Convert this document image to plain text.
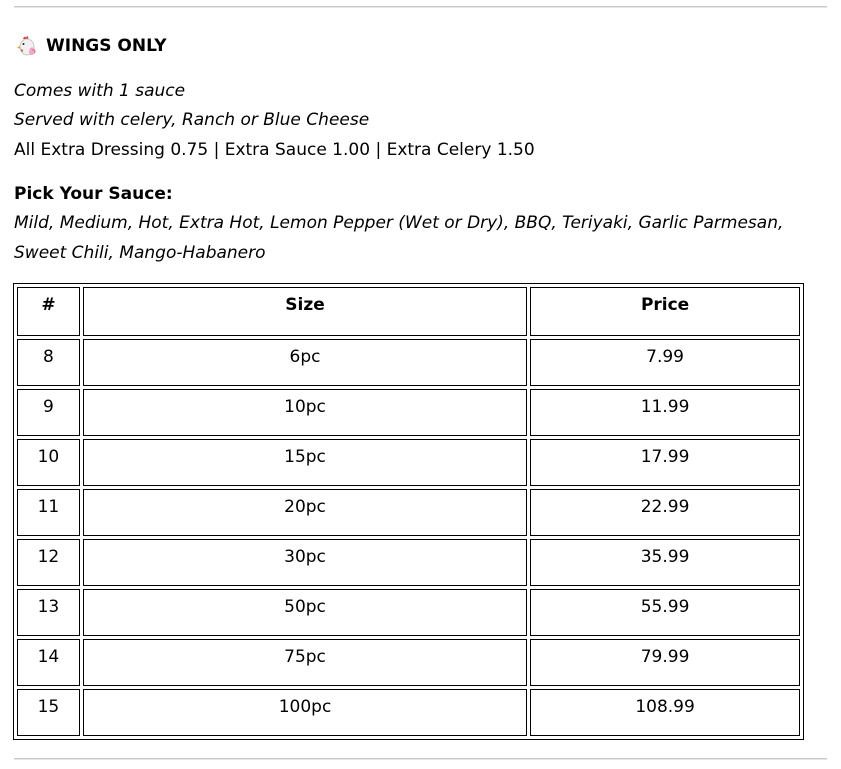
WINGS ONLY
Comes with 1 sauce
Served with celery, Ranch or Blue Cheese
All Extra Dressing 0.75 | Extra Sauce 1.00 | Extra Celery 1.50
Pick Your Sauce:
Mild, Medium, Hot, Extra Hot, Lemon Pepper (Wet or Dry), BBQ, Teriyaki, Garlic Parmesan,
Sweet Chili, Mango-Habanero
#	Size	Price
8	6pc	7.99
9	10pc	11.99
10	15pc	17.99
11	20pc	22.99
12	30pc	35.99
13	50pc	55.99
14	75pc	79.99
15	100pc	108.99
